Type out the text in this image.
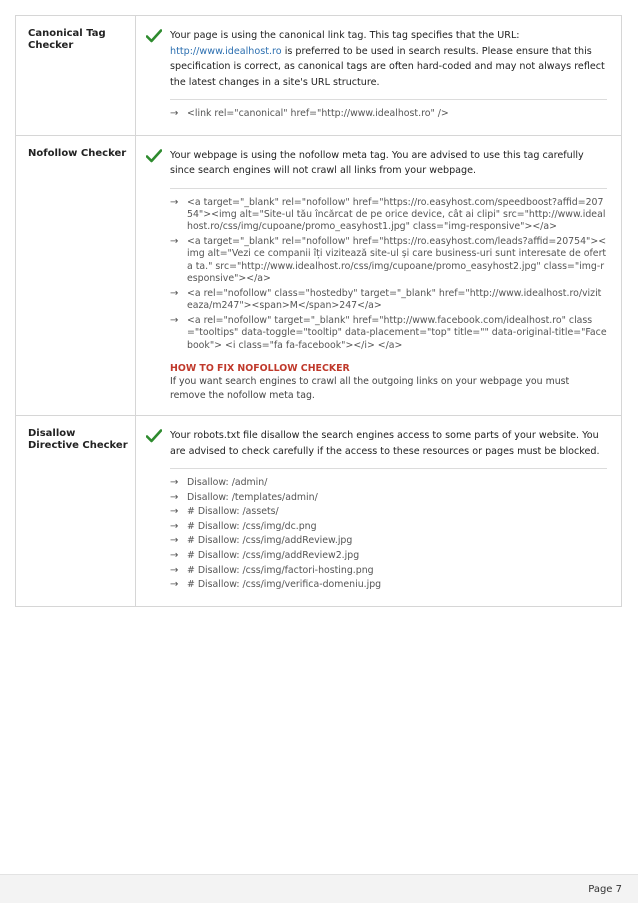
Canonical Tag Checker

Your page is using the canonical link tag. This tag specifies that the URL: http://www.idealhost.ro is preferred to be used in search results. Please ensure that this specification is correct, as canonical tags are often hard-coded and may not always reflect the latest changes in a site's URL structure.

→ <link rel="canonical" href="http://www.idealhost.ro" />
Nofollow Checker	Your webpage is using the nofollow meta tag. You are advised to use this tag carefully since search engines will not crawl all links from your webpage.

→ <a target="_blank" rel="nofollow" href="https://ro.easyhost.com/speedboost?affid=20754"><img alt="Site-ul tău încărcat de pe orice device, cât ai clipi" src="http://www.idealhost.ro/css/img/cupoane/promo_easyhost1.jpg" class="img-responsive"></a>
→ <a target="_blank" rel="nofollow" href="https://ro.easyhost.com/leads?affid=20754"><img alt="Vezi ce companii îți vizitează site-ul și care business-uri sunt interesate de oferta ta." src="http://www.idealhost.ro/css/img/cupoane/promo_easyhost2.jpg" class="img-responsive"></a>
→ <a rel="nofollow" class="hostedby" target="_blank" href="http://www.idealhost.ro/viziteaza/m247"><span>M</span>247</a>
→ <a rel="nofollow" target="_blank" href="http://www.facebook.com/idealhost.ro" class="tooltips" data-toggle="tooltip" data-placement="top" title="" data-original-title="Facebook"> <i class="fa fa-facebook"></i> </a>
HOW TO FIX NOFOLLOW CHECKER

If you want search engines to crawl all the outgoing links on your webpage you must remove the nofollow meta tag.

Disallow Directive Checker

Your robots.txt file disallow the search engines access to some parts of your website. You are advised to check carefully if the access to these resources or pages must be blocked.

→ Disallow: /admin/
→ Disallow: /templates/admin/
→ # Disallow: /assets/
→ # Disallow: /css/img/dc.png
→ # Disallow: /css/img/addReview.jpg
→ # Disallow: /css/img/addReview2.jpg
→ # Disallow: /css/img/factori-hosting.png
→ # Disallow: /css/img/verifica-domeniu.jpg
Page 7
